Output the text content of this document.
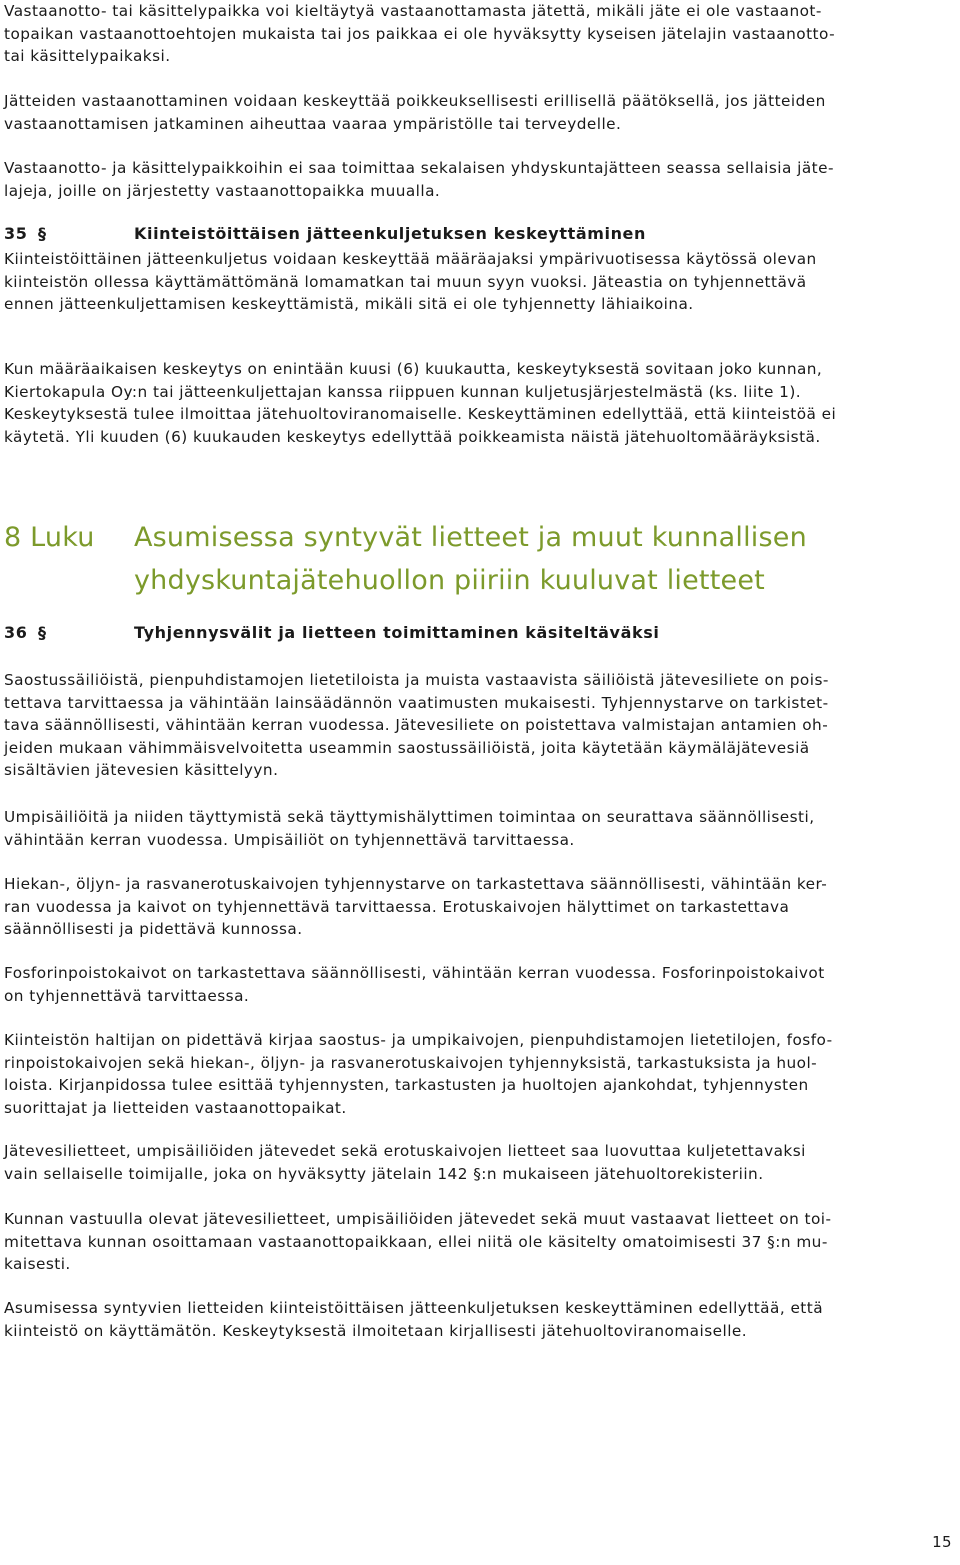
Vastaanotto- tai käsittelypaikka voi kieltäytyä vastaanottamasta jätettä, mikäli jäte ei ole vastaanot-
topaikan vastaanottoehtojen mukaista tai jos paikkaa ei ole hyväksytty kyseisen jätelajin vastaanotto-
tai käsittelypaikaksi.

Jätteiden vastaanottaminen voidaan keskeyttää poikkeuksellisesti erillisellä päätöksellä, jos jätteiden
vastaanottamisen jatkaminen aiheuttaa vaaraa ympäristölle tai terveydelle.

Vastaanotto- ja käsittelypaikkoihin ei saa toimittaa sekalaisen yhdyskuntajätteen seassa sellaisia jäte-
lajeja, joille on järjestetty vastaanottopaikka muualla.

35 §	Kiinteistöittäisen jätteenkuljetuksen keskeyttäminen

Kiinteistöittäinen jätteenkuljetus voidaan keskeyttää määräajaksi ympärivuotisessa käytössä olevan
kiinteistön ollessa käyttämättömänä lomamatkan tai muun syyn vuoksi. Jäteastia on tyhjennettävä
ennen jätteenkuljettamisen keskeyttämistä, mikäli sitä ei ole tyhjennetty lähiaikoina.

Kun määräaikaisen keskeytys on enintään kuusi (6) kuukautta, keskeytyksestä sovitaan joko kunnan,
Kiertokapula Oy:n tai jätteenkuljettajan kanssa riippuen kunnan kuljetusjärjestelmästä (ks. liite 1).
Keskeytyksestä tulee ilmoittaa jätehuoltoviranomaiselle. Keskeyttäminen edellyttää, että kiinteistöä ei
käytetä. Yli kuuden (6) kuukauden keskeytys edellyttää poikkeamista näistä jätehuoltomääräyksistä.

8 Luku Asumisessa syntyvät lietteet ja muut kunnallisen
yhdyskuntajätehuollon piiriin kuuluvat lietteet
36 §	Tyhjennysvälit ja lietteen toimittaminen käsiteltäväksi

Saostussäiliöistä, pienpuhdistamojen lietetiloista ja muista vastaavista säiliöistä jätevesiliete on pois-
tettava tarvittaessa ja vähintään lainsäädännön vaatimusten mukaisesti. Tyhjennystarve on tarkistet-
tava säännöllisesti, vähintään kerran vuodessa. Jätevesiliete on poistettava valmistajan antamien oh-
jeiden mukaan vähimmäisvelvoitetta useammin saostussäiliöistä, joita käytetään käymäläjätevesiä
sisältävien jätevesien käsittelyyn.

Umpisäiliöitä ja niiden täyttymistä sekä täyttymishälyttimen toimintaa on seurattava säännöllisesti,
vähintään kerran vuodessa. Umpisäiliöt on tyhjennettävä tarvittaessa.

Hiekan-, öljyn- ja rasvanerotuskaivojen tyhjennystarve on tarkastettava säännöllisesti, vähintään ker-
ran vuodessa ja kaivot on tyhjennettävä tarvittaessa. Erotuskaivojen hälyttimet on tarkastettava
säännöllisesti ja pidettävä kunnossa.

Fosforinpoistokaivot on tarkastettava säännöllisesti, vähintään kerran vuodessa. Fosforinpoistokaivot
on tyhjennettävä tarvittaessa.

Kiinteistön haltijan on pidettävä kirjaa saostus- ja umpikaivojen, pienpuhdistamojen lietetilojen, fosfo-
rinpoistokaivojen sekä hiekan-, öljyn- ja rasvanerotuskaivojen tyhjennyksistä, tarkastuksista ja huol-
loista. Kirjanpidossa tulee esittää tyhjennysten, tarkastusten ja huoltojen ajankohdat, tyhjennysten
suorittajat ja lietteiden vastaanottopaikat.

Jätevesilietteet, umpisäiliöiden jätevedet sekä erotuskaivojen lietteet saa luovuttaa kuljetettavaksi
vain sellaiselle toimijalle, joka on hyväksytty jätelain 142 §:n mukaiseen jätehuoltorekisteriin.

Kunnan vastuulla olevat jätevesilietteet, umpisäiliöiden jätevedet sekä muut vastaavat lietteet on toi-
mitettava kunnan osoittamaan vastaanottopaikkaan, ellei niitä ole käsitelty omatoimisesti 37 §:n mu-
kaisesti.

Asumisessa syntyvien lietteiden kiinteistöittäisen jätteenkuljetuksen keskeyttäminen edellyttää, että
kiinteistö on käyttämätön. Keskeytyksestä ilmoitetaan kirjallisesti jätehuoltoviranomaiselle.

15
